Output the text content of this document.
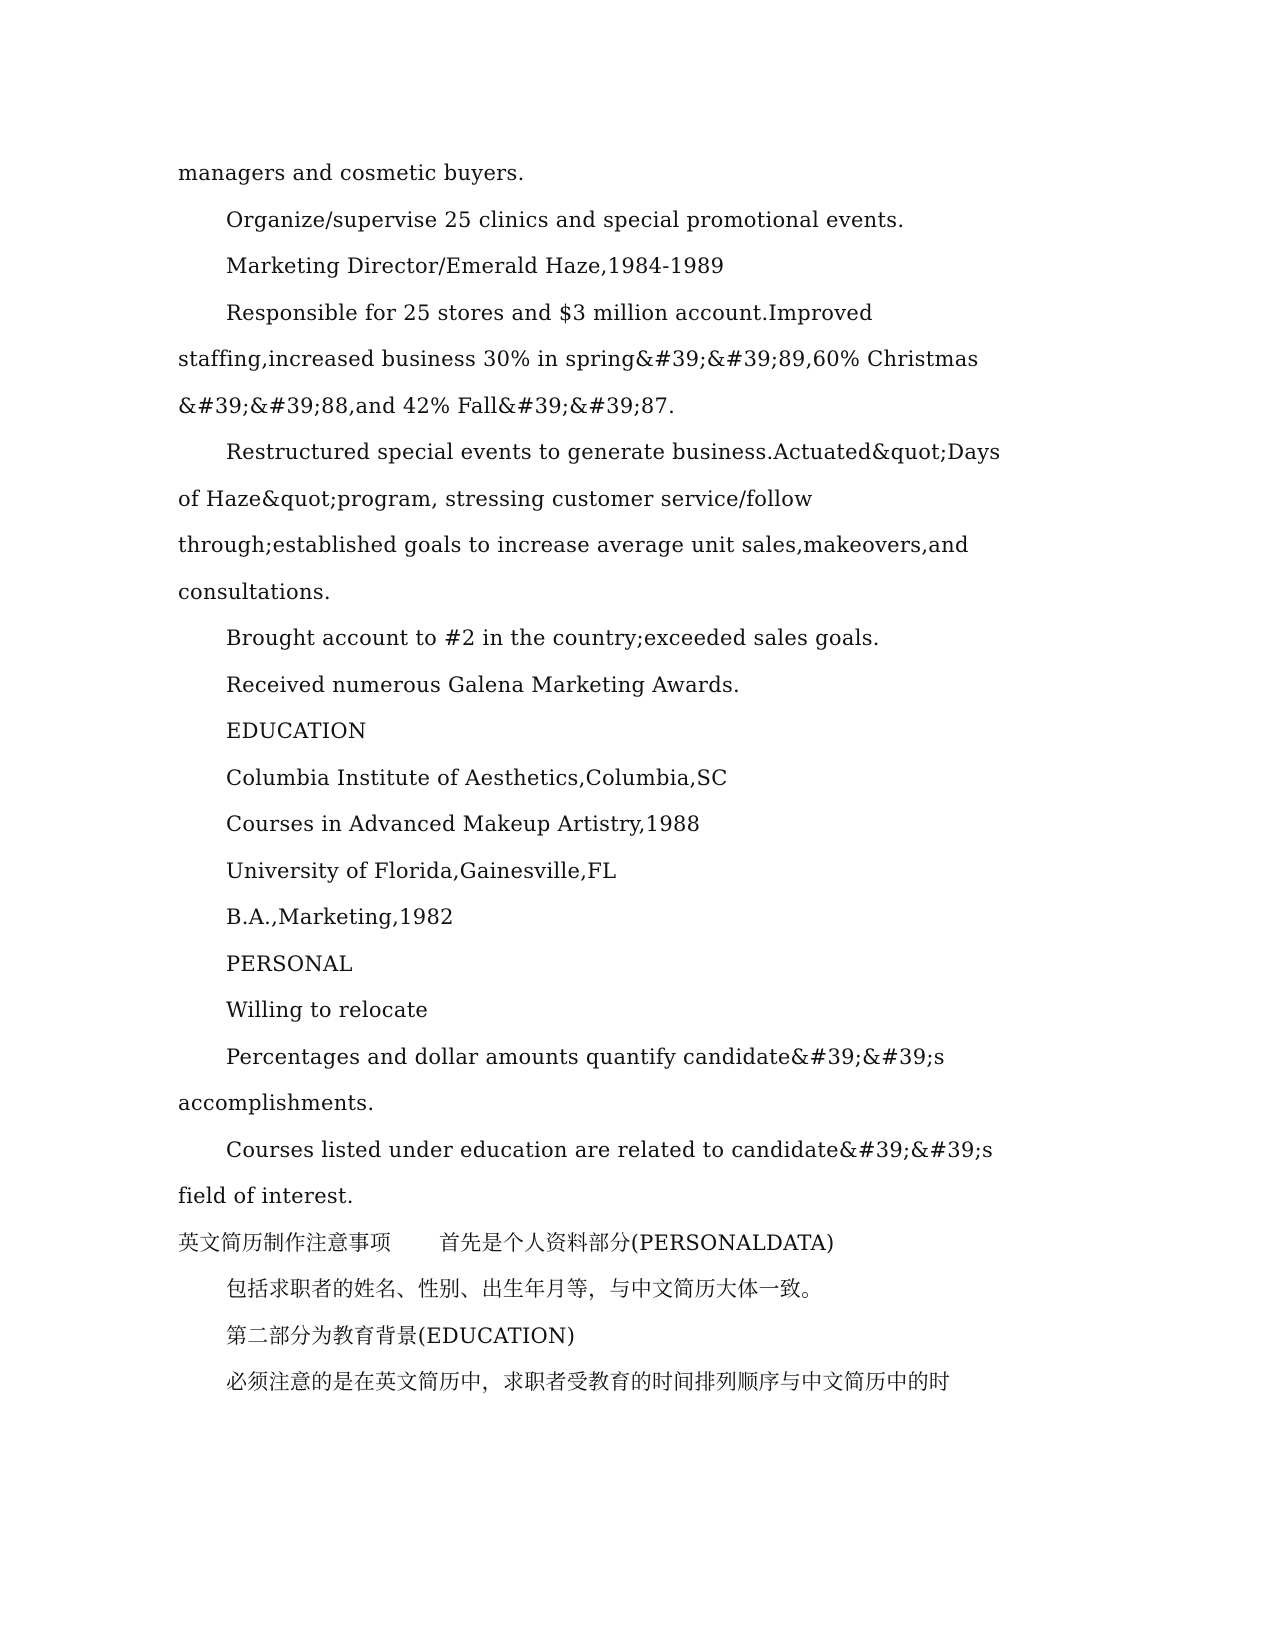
managers and cosmetic buyers.
Organize/supervise 25 clinics and special promotional events.
Marketing Director/Emerald Haze,1984-1989
Responsible for 25 stores and $3 million account.Improved
staffing,increased business 30% in spring&#39;&#39;89,60% Christmas
&#39;&#39;88,and 42% Fall&#39;&#39;87.
Restructured special events to generate business.Actuated&quot;Days
of Haze&quot;program, stressing customer service/follow
through;established goals to increase average unit sales,makeovers,and
consultations.
Brought account to #2 in the country;exceeded sales goals.
Received numerous Galena Marketing Awards.
EDUCATION
Columbia Institute of Aesthetics,Columbia,SC
Courses in Advanced Makeup Artistry,1988
University of Florida,Gainesville,FL
B.A.,Marketing,1982
PERSONAL
Willing to relocate
Percentages and dollar amounts quantify candidate&#39;&#39;s
accomplishments.
Courses listed under education are related to candidate&#39;&#39;s
field of interest.
英文简历制作注意事项 首先是个人资料部分(PERSONALDATA)
包括求职者的姓名、性别、出生年月等，与中文简历大体一致。
第二部分为教育背景(EDUCATION)
必须注意的是在英文简历中，求职者受教育的时间排列顺序与中文简历中的时
